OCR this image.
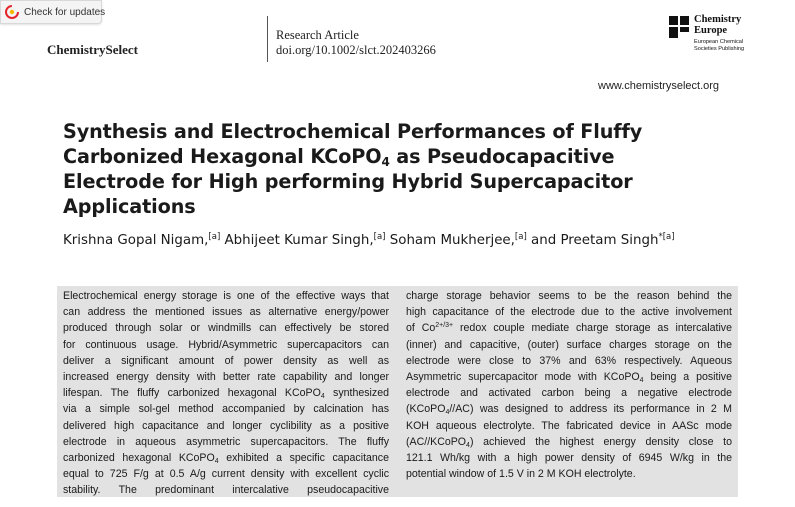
Check for updates
ChemistrySelect
Research Article
doi.org/10.1002/slct.202403266
Chemistry
Europe
European Chemical
Societies Publishing
www.chemistryselect.org
Synthesis and Electrochemical Performances of Fluffy
Carbonized Hexagonal KCoPO$_4$ as Pseudocapacitive
Electrode for High performing Hybrid Supercapacitor
Applications
Krishna Gopal Nigam,[a] Abhijeet Kumar Singh,[a] Soham Mukherjee,[a] and Preetam Singh$^{*[a]}$
Electrochemical energy storage is one of the effective ways that
can address the mentioned issues as alternative energy/power
produced through solar or windmills can effectively be stored
for continuous usage. Hybrid/Asymmetric supercapacitors can
deliver a significant amount of power density as well as
increased energy density with better rate capability and longer
lifespan. The fluffy carbonized hexagonal KCoPO$_4$ synthesized
via a simple sol-gel method accompanied by calcination has
delivered high capacitance and longer cyclibility as a positive
electrode in aqueous asymmetric supercapacitors. The fluffy
carbonized hexagonal KCoPO$_4$ exhibited a specific capacitance
equal to 725 F/g at 0.5 A/g current density with excellent cyclic
stability. The predominant intercalative pseudocapacitive
charge storage behavior seems to be the reason behind the
high capacitance of the electrode due to the active involvement
of $Co^{2+/3+}$ redox couple mediate charge storage as intercalative
(inner) and capacitive, (outer) surface charges storage on the
electrode were close to 37% and 63% respectively. Aqueous
Asymmetric supercapacitor mode with KCoPO$_4$ being a positive
electrode and activated carbon being a negative electrode
(KCoPO$_4$//AC) was designed to address its performance in 2 M
KOH aqueous electrolyte. The fabricated device in AASc mode
(AC//KCoPO$_4$) achieved the highest energy density close to
121.1 Wh/kg with a high power density of 6945 W/kg in the
potential window of 1.5 V in 2 M KOH electrolyte.
